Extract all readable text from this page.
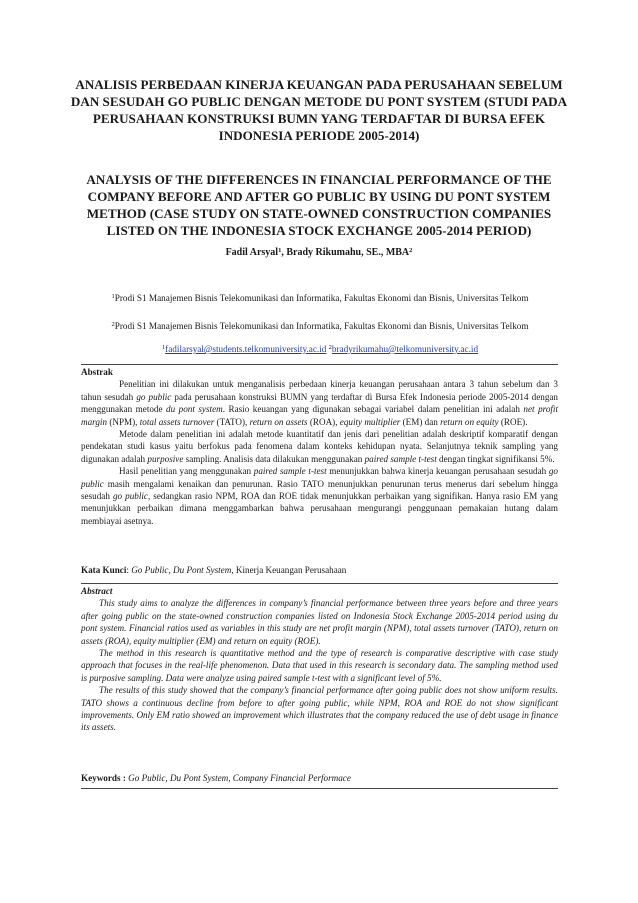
ANALISIS PERBEDAAN KINERJA KEUANGAN PADA PERUSAHAAN SEBELUM DAN SESUDAH GO PUBLIC DENGAN METODE DU PONT SYSTEM (STUDI PADA PERUSAHAAN KONSTRUKSI BUMN YANG TERDAFTAR DI BURSA EFEK INDONESIA PERIODE 2005-2014)
ANALYSIS OF THE DIFFERENCES IN FINANCIAL PERFORMANCE OF THE COMPANY BEFORE AND AFTER GO PUBLIC BY USING DU PONT SYSTEM METHOD (CASE STUDY ON STATE-OWNED CONSTRUCTION COMPANIES LISTED ON THE INDONESIA STOCK EXCHANGE 2005-2014 PERIOD)
Fadil Arsyal$^1$, Brady Rikumahu, SE., MBA$^2$
$^1$Prodi S1 Manajemen Bisnis Telekomunikasi dan Informatika, Fakultas Ekonomi dan Bisnis, Universitas Telkom
$^2$Prodi S1 Manajemen Bisnis Telekomunikasi dan Informatika, Fakultas Ekonomi dan Bisnis, Universitas Telkom
$^1$fadilarsyal@students.telkomuniversity.ac.id $^2$bradyrikumahu@telkomuniversity.ac.id
Abstrak

Penelitian ini dilakukan untuk menganalisis perbedaan kinerja keuangan perusahaan antara 3 tahun sebelum dan 3 tahun sesudah go public pada perusahaan konstruksi BUMN yang terdaftar di Bursa Efek Indonesia periode 2005-2014 dengan menggunakan metode du pont system. Rasio keuangan yang digunakan sebagai variabel dalam penelitian ini adalah net profit margin (NPM), total assets turnover (TATO), return on assets (ROA), equity multiplier (EM) dan return on equity (ROE).

Metode dalam penelitian ini adalah metode kuantitatif dan jenis dari penelitian adalah deskriptif komparatif dengan pendekatan studi kasus yaitu berfokus pada fenomena dalam konteks kehidupan nyata. Selanjutnya teknik sampling yang digunakan adalah purposive sampling. Analisis data dilakukan menggunakan paired sample t-test dengan tingkat signifikansi 5%.

Hasil penelitian yang menggunakan paired sample t-test menunjukkan bahwa kinerja keuangan perusahaan sesudah go public masih mengalami kenaikan dan penurunan. Rasio TATO menunjukkan penurunan terus menerus dari sebelum hingga sesudah go public, sedangkan rasio NPM, ROA dan ROE tidak menunjukkan perbaikan yang signifikan. Hanya rasio EM yang menunjukkan perbaikan dimana menggambarkan bahwa perusahaan mengurangi penggunaan pemakaian hutang dalam membiayai asetnya.

Kata Kunci: Go Public, Du Pont System, Kinerja Keuangan Perusahaan
Abstract

This study aims to analyze the differences in company’s financial performance between three years before and three years after going public on the state-owned construction companies listed on Indonesia Stock Exchange 2005-2014 period using du pont system. Financial ratios used as variables in this study are net profit margin (NPM), total assets turnover (TATO), return on assets (ROA), equity multiplier (EM) and return on equity (ROE).

The method in this research is quantitative method and the type of research is comparative descriptive with case study approach that focuses in the real-life phenomenon. Data that used in this research is secondary data. The sampling method used is purposive sampling. Data were analyze using paired sample t-test with a significant level of 5%.

The results of this study showed that the company’s financial performance after going public does not show uniform results. TATO shows a continuous decline from before to after going public, while NPM, ROA and ROE do not show significant improvements. Only EM ratio showed an improvement which illustrates that the company reduced the use of debt usage in finance its assets.

Keywords : Go Public, Du Pont System, Company Financial Performace
